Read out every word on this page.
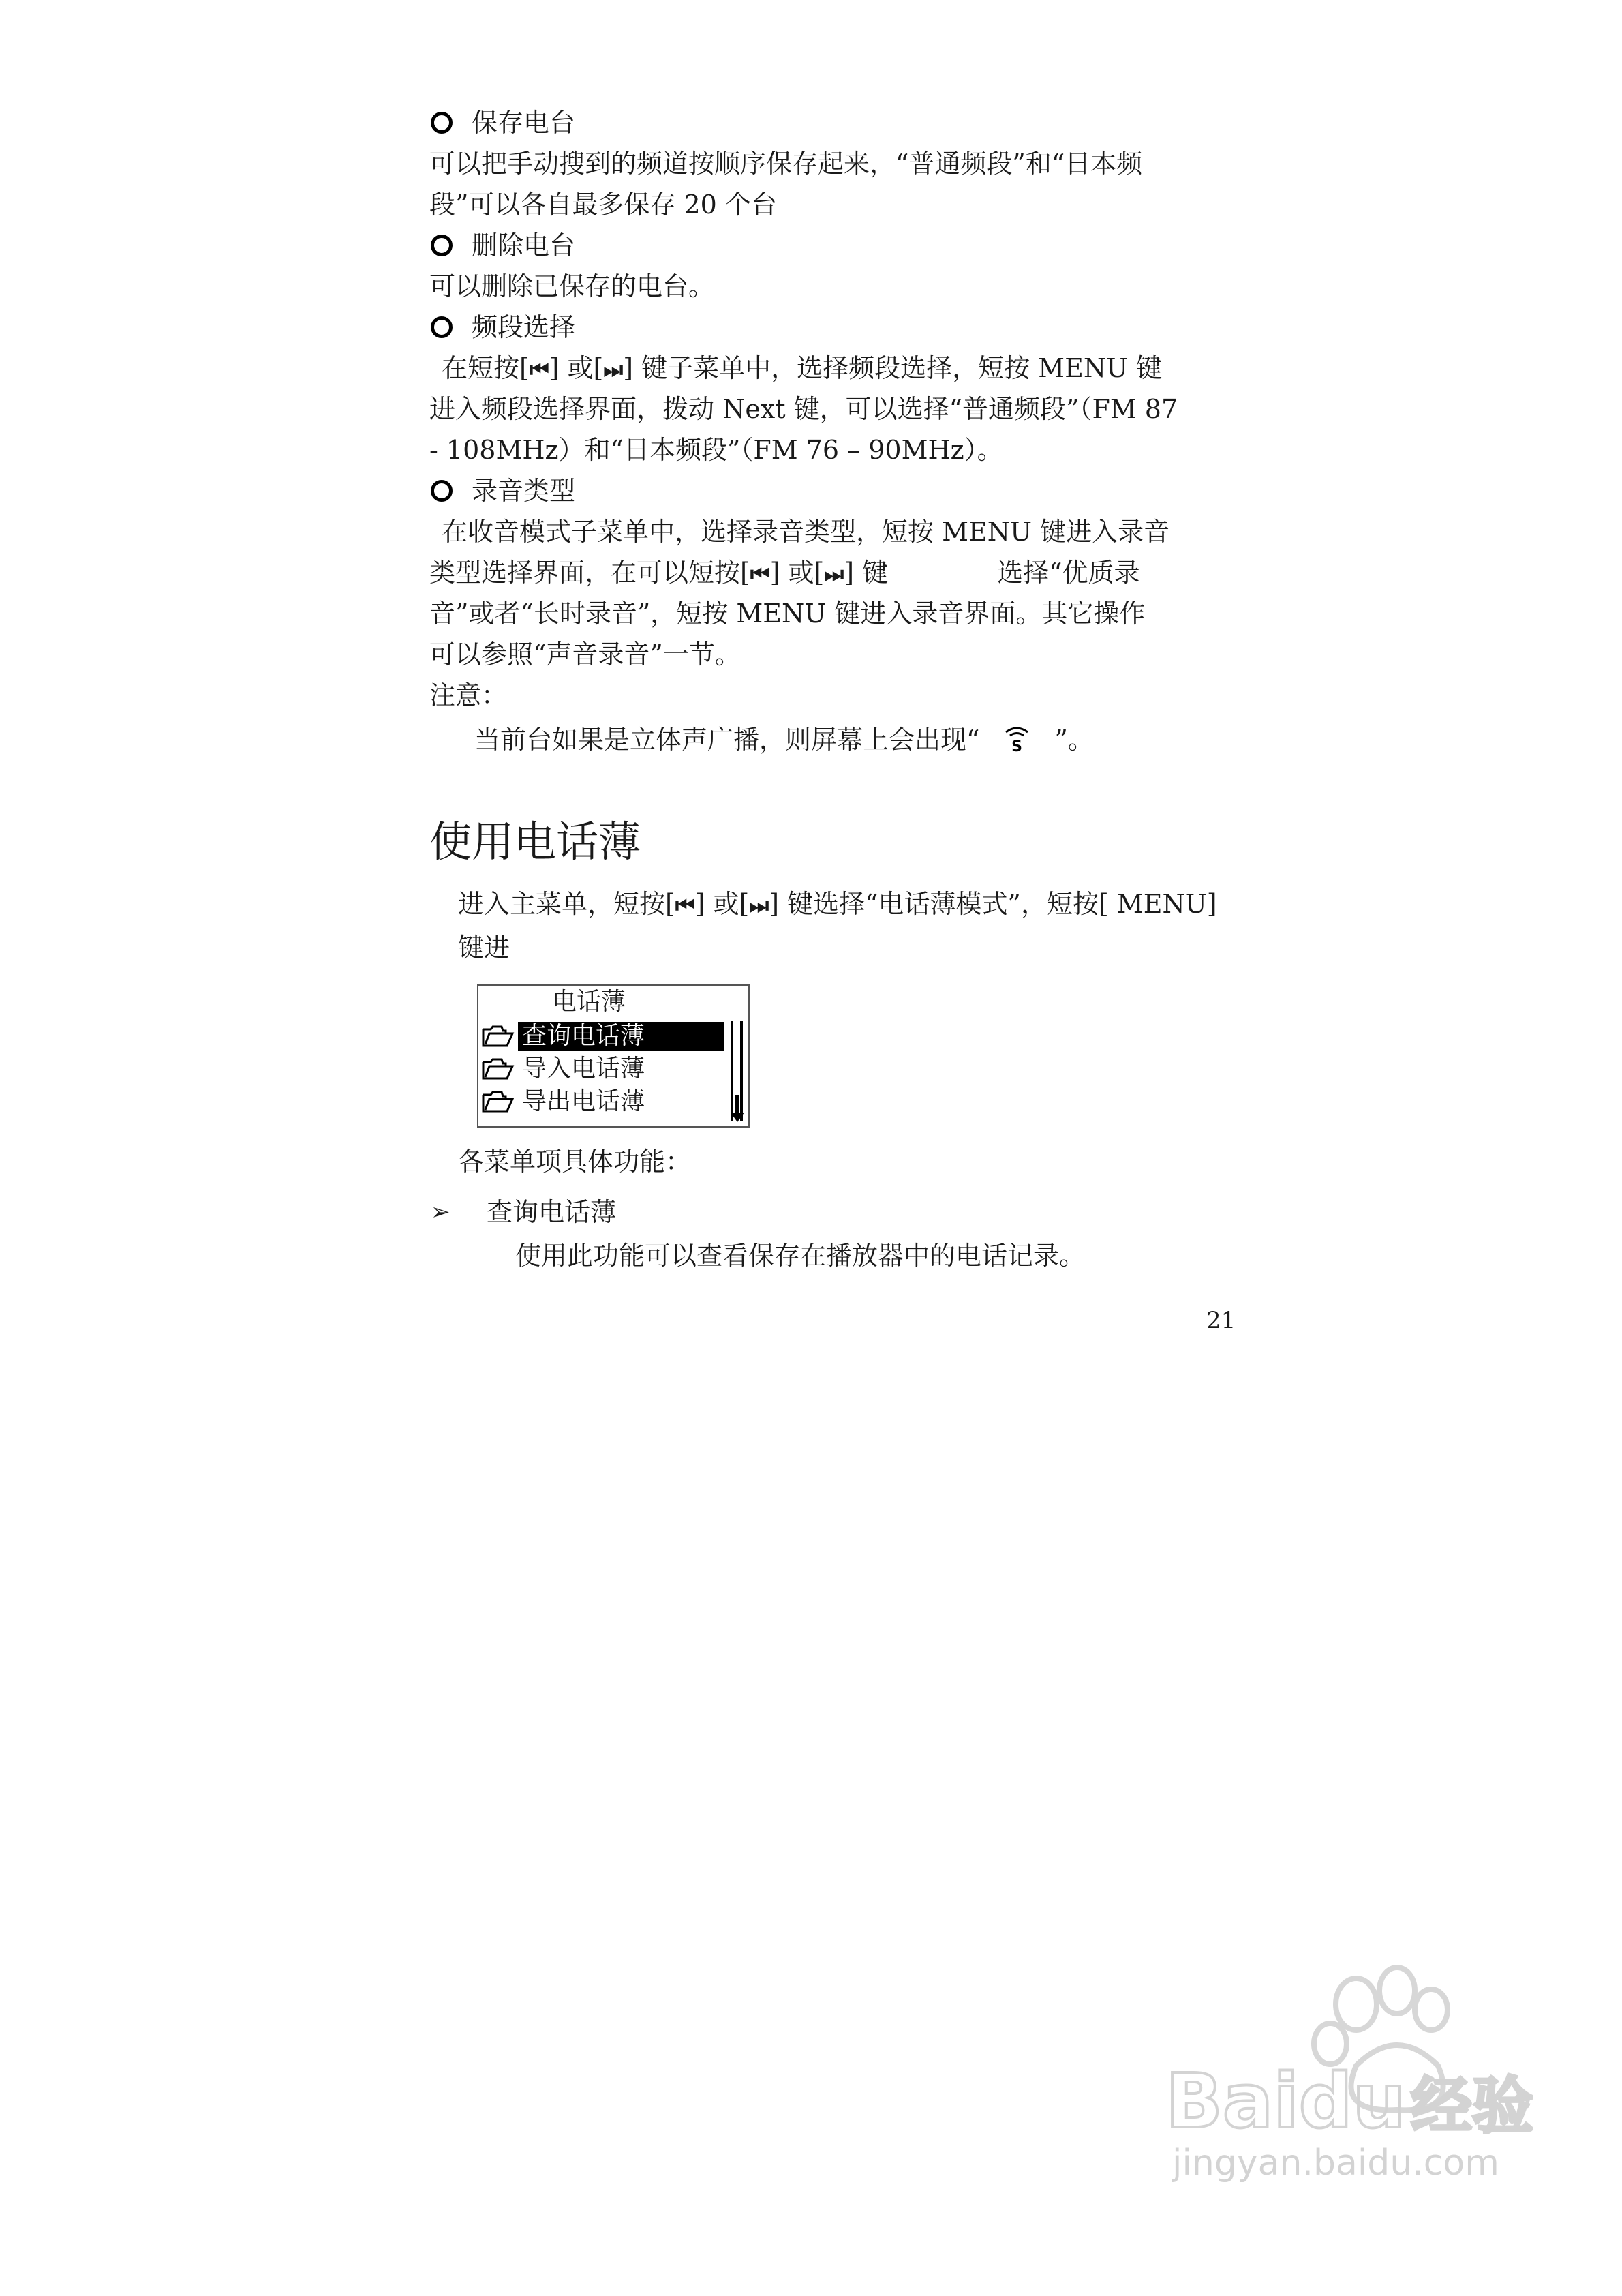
保存电台
可以把手动搜到的频道按顺序保存起来，“普通频段”和“日本频
段”可以各自最多保存 20 个台
删除电台
可以删除已保存的电台。
频段选择
在短按[⏮] 或[⏭] 键子菜单中，选择频段选择，短按 MENU 键
进入频段选择界面，拨动 Next 键，可以选择“普通频段”（FM 87
- 108MHz）和“日本频段”（FM 76 – 90MHz）。
录音类型
在收音模式子菜单中，选择录音类型，短按 MENU 键进入录音
类型选择界面，在可以短按[⏮] 或[⏭] 键	选择“优质录
音”或者“长时录音”，短按 MENU 键进入录音界面。其它操作
可以参照“声音录音”一节。
注意：
当前台如果是立体声广播，则屏幕上会出现“ S ”。
使用电话薄
进入主菜单，短按[⏮] 或[⏭] 键选择“电话薄模式”，短按[ MENU]
键进
电话薄
查询电话薄
导入电话薄
导出电话薄
各菜单项具体功能：
➢ 查询电话薄
使用此功能可以查看保存在播放器中的电话记录。
21
Baidu 经验
jingyan.baidu.com
